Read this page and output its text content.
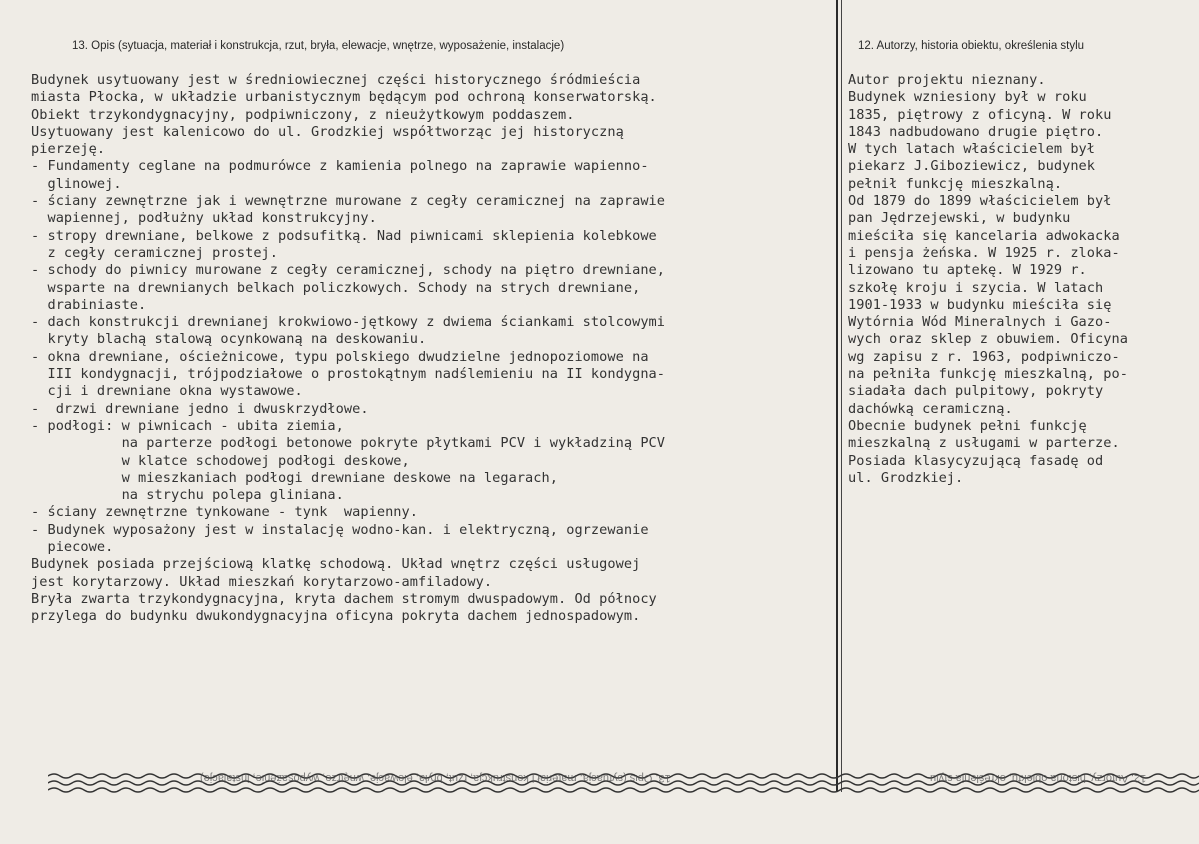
13. Opis (sytuacja, materiał i konstrukcja, rzut, bryła, elewacje, wnętrze, wyposażenie, instalacje)	12. Autorzy, historia obiektu, określenia stylu
Budynek usytuowany jest w średniowiecznej części historycznego śródmieścia
miasta Płocka, w układzie urbanistycznym będącym pod ochroną konserwatorską.
Obiekt trzykondygnacyjny, podpiwniczony, z nieużytkowym poddaszem.
Usytuowany jest kalenicowo do ul. Grodzkiej współtworząc jej historyczną
pierzeję.
- Fundamenty ceglane na podmurówce z kamienia polnego na zaprawie wapienno-
glinowej.
- ściany zewnętrzne jak i wewnętrzne murowane z cegły ceramicznej na zaprawie
wapiennej, podłużny układ konstrukcyjny.
- stropy drewniane, belkowe z podsufitką. Nad piwnicami sklepienia kolebkowe
z cegły ceramicznej prostej.
- schody do piwnicy murowane z cegły ceramicznej, schody na piętro drewniane,
wsparte na drewnianych belkach policzkowych. Schody na strych drewniane,
drabiniaste.
- dach konstrukcji drewnianej krokwiowo-jętkowy z dwiema ściankami stolcowymi
kryty blachą stalową ocynkowaną na deskowaniu.
- okna drewniane, ościeżnicowe, typu polskiego dwudzielne jednopoziomowe na
III kondygnacji, trójpodziałowe o prostokątnym nadślemieniu na II kondygna-
cji i drewniane okna wystawowe.
-  drzwi drewniane jedno i dwuskrzydłowe.
- podłogi: w piwnicach - ubita ziemia,
na parterze podłogi betonowe pokryte płytkami PCV i wykładziną PCV
w klatce schodowej podłogi deskowe,
w mieszkaniach podłogi drewniane deskowe na legarach,
na strychu polepa gliniana.
- ściany zewnętrzne tynkowane - tynk  wapienny.
- Budynek wyposażony jest w instalację wodno-kan. i elektryczną, ogrzewanie
piecowe.
Budynek posiada przejściową klatkę schodową. Układ wnętrz części usługowej
jest korytarzowy. Układ mieszkań korytarzowo-amfiladowy.
Bryła zwarta trzykondygnacyjna, kryta dachem stromym dwuspadowym. Od północy
przylega do budynku dwukondygnacyjna oficyna pokryta dachem jednospadowym.
Autor projektu nieznany.
Budynek wzniesiony był w roku
1835, piętrowy z oficyną. W roku
1843 nadbudowano drugie piętro.
W tych latach właścicielem był
piekarz J.Giboziewicz, budynek
pełnił funkcję mieszkalną.
Od 1879 do 1899 właścicielem był
pan Jędrzejewski, w budynku
mieściła się kancelaria adwokacka
i pensja żeńska. W 1925 r. zloka-
lizowano tu aptekę. W 1929 r.
szkołę kroju i szycia. W latach
1901-1933 w budynku mieściła się
Wytórnia Wód Mineralnych i Gazo-
wych oraz sklep z obuwiem. Oficyna
wg zapisu z r. 1963, podpiwniczo-
na pełniła funkcję mieszkalną, po-
siadała dach pulpitowy, pokryty
dachówką ceramiczną.
Obecnie budynek pełni funkcję
mieszkalną z usługami w parterze.
Posiada klasycyzującą fasadę od
ul. Grodzkiej.
13. Opis (sytuacja, materiał i konstrukcja, rzut, bryła, elewacje, wnętrze, wyposażenie, instalacje)	12. Autorzy, historia obiektu, określenia stylu
